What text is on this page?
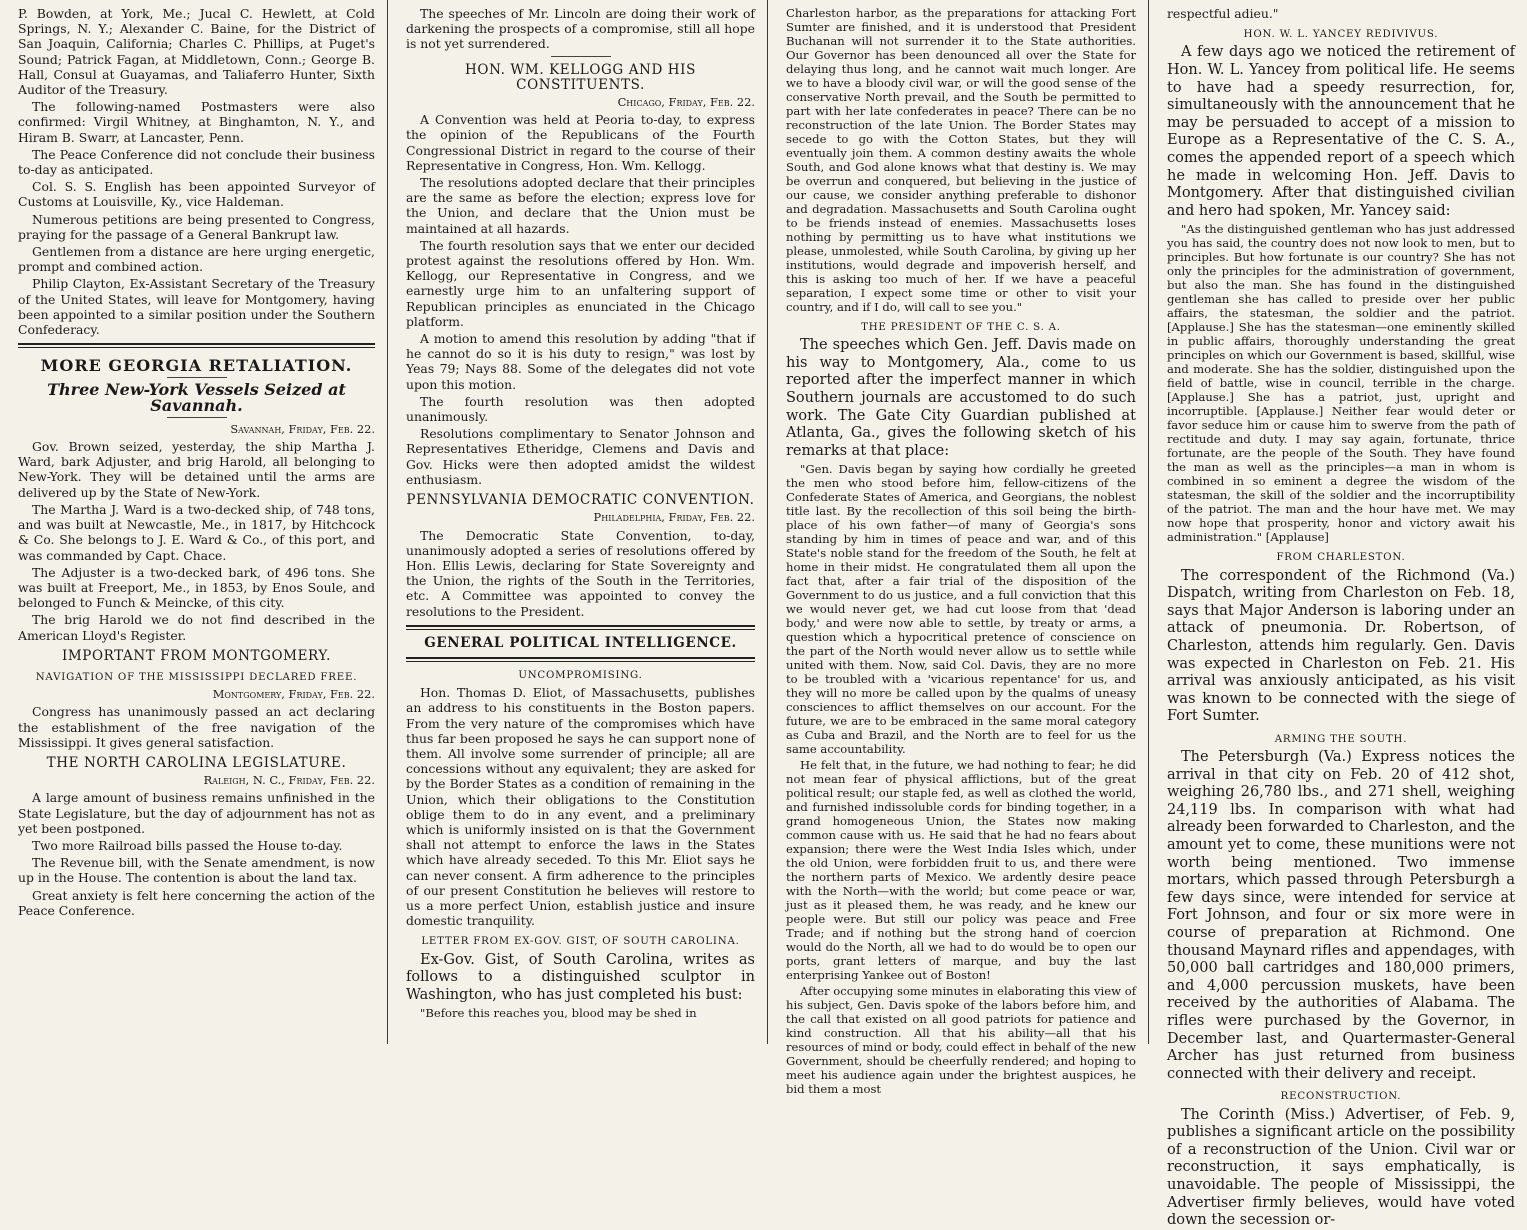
P. Bowden, at York, Me.; Jucal C. Hewlett, at Cold Springs, N. Y.; Alexander C. Baine, for the District of San Joaquin, California; Charles C. Phillips, at Puget's Sound; Patrick Fagan, at Middletown, Conn.; George B. Hall, Consul at Guayamas, and Taliaferro Hunter, Sixth Auditor of the Treasury.

The following-named Postmasters were also confirmed: Virgil Whitney, at Binghamton, N. Y., and Hiram B. Swarr, at Lancaster, Penn.

The Peace Conference did not conclude their business to-day as anticipated.

Col. S. S. English has been appointed Surveyor of Customs at Louisville, Ky., vice Haldeman.

Numerous petitions are being presented to Congress, praying for the passage of a General Bankrupt law.

Gentlemen from a distance are here urging energetic, prompt and combined action.

Philip Clayton, Ex-Assistant Secretary of the Treasury of the United States, will leave for Montgomery, having been appointed to a similar position under the Southern Confederacy.

MORE GEORGIA RETALIATION.
Three New-York Vessels Seized at Savannah.

Savannah, Friday, Feb. 22.

Gov. Brown seized, yesterday, the ship Martha J. Ward, bark Adjuster, and brig Harold, all belonging to New-York. They will be detained until the arms are delivered up by the State of New-York.

The Martha J. Ward is a two-decked ship, of 748 tons, and was built at Newcastle, Me., in 1817, by Hitchcock & Co. She belongs to J. E. Ward & Co., of this port, and was commanded by Capt. Chace.

The Adjuster is a two-decked bark, of 496 tons. She was built at Freeport, Me., in 1853, by Enos Soule, and belonged to Funch & Meincke, of this city.

The brig Harold we do not find described in the American Lloyd's Register.

IMPORTANT FROM MONTGOMERY.
NAVIGATION OF THE MISSISSIPPI DECLARED FREE.

Montgomery, Friday, Feb. 22.

Congress has unanimously passed an act declaring the establishment of the free navigation of the Mississippi. It gives general satisfaction.

THE NORTH CAROLINA LEGISLATURE.

Raleigh, N. C., Friday, Feb. 22.

A large amount of business remains unfinished in the State Legislature, but the day of adjournment has not as yet been postponed.

Two more Railroad bills passed the House to-day.

The Revenue bill, with the Senate amendment, is now up in the House. The contention is about the land tax.

Great anxiety is felt here concerning the action of the Peace Conference.

The speeches of Mr. Lincoln are doing their work of darkening the prospects of a compromise, still all hope is not yet surrendered.

HON. WM. KELLOGG AND HIS CONSTITUENTS.

Chicago, Friday, Feb. 22.

A Convention was held at Peoria to-day, to express the opinion of the Republicans of the Fourth Congressional District in regard to the course of their Representative in Congress, Hon. Wm. Kellogg.

The resolutions adopted declare that their principles are the same as before the election; express love for the Union, and declare that the Union must be maintained at all hazards.

The fourth resolution says that we enter our decided protest against the resolutions offered by Hon. Wm. Kellogg, our Representative in Congress, and we earnestly urge him to an unfaltering support of Republican principles as enunciated in the Chicago platform.

A motion to amend this resolution by adding "that if he cannot do so it is his duty to resign," was lost by Yeas 79; Nays 88. Some of the delegates did not vote upon this motion.

The fourth resolution was then adopted unanimously.

Resolutions complimentary to Senator Johnson and Representatives Etheridge, Clemens and Davis and Gov. Hicks were then adopted amidst the wildest enthusiasm.

PENNSYLVANIA DEMOCRATIC CONVENTION.

Philadelphia, Friday, Feb. 22.

The Democratic State Convention, to-day, unanimously adopted a series of resolutions offered by Hon. Ellis Lewis, declaring for State Sovereignty and the Union, the rights of the South in the Territories, etc. A Committee was appointed to convey the resolutions to the President.

GENERAL POLITICAL INTELLIGENCE.
UNCOMPROMISING.

Hon. Thomas D. Eliot, of Massachusetts, publishes an address to his constituents in the Boston papers. From the very nature of the compromises which have thus far been proposed he says he can support none of them. All involve some surrender of principle; all are concessions without any equivalent; they are asked for by the Border States as a condition of remaining in the Union, which their obligations to the Constitution oblige them to do in any event, and a preliminary which is uniformly insisted on is that the Government shall not attempt to enforce the laws in the States which have already seceded. To this Mr. Eliot says he can never consent. A firm adherence to the principles of our present Constitution he believes will restore to us a more perfect Union, establish justice and insure domestic tranquility.

LETTER FROM EX-GOV. GIST, OF SOUTH CAROLINA.

Ex-Gov. Gist, of South Carolina, writes as follows to a distinguished sculptor in Washington, who has just completed his bust:

"Before this reaches you, blood may be shed in

Charleston harbor, as the preparations for attacking Fort Sumter are finished, and it is understood that President Buchanan will not surrender it to the State authorities. Our Governor has been denounced all over the State for delaying thus long, and he cannot wait much longer. Are we to have a bloody civil war, or will the good sense of the conservative North prevail, and the South be permitted to part with her late confederates in peace? There can be no reconstruction of the late Union. The Border States may secede to go with the Cotton States, but they will eventually join them. A common destiny awaits the whole South, and God alone knows what that destiny is. We may be overrun and conquered, but believing in the justice of our cause, we consider anything preferable to dishonor and degradation. Massachusetts and South Carolina ought to be friends instead of enemies. Massachusetts loses nothing by permitting us to have what institutions we please, unmolested, while South Carolina, by giving up her institutions, would degrade and impoverish herself, and this is asking too much of her. If we have a peaceful separation, I expect some time or other to visit your country, and if I do, will call to see you."

THE PRESIDENT OF THE C. S. A.

The speeches which Gen. Jeff. Davis made on his way to Montgomery, Ala., come to us reported after the imperfect manner in which Southern journals are accustomed to do such work. The Gate City Guardian published at Atlanta, Ga., gives the following sketch of his remarks at that place:

"Gen. Davis began by saying how cordially he greeted the men who stood before him, fellow-citizens of the Confederate States of America, and Georgians, the noblest title last. By the recollection of this soil being the birth-place of his own father—of many of Georgia's sons standing by him in times of peace and war, and of this State's noble stand for the freedom of the South, he felt at home in their midst. He congratulated them all upon the fact that, after a fair trial of the disposition of the Government to do us justice, and a full conviction that this we would never get, we had cut loose from that 'dead body,' and were now able to settle, by treaty or arms, a question which a hypocritical pretence of conscience on the part of the North would never allow us to settle while united with them. Now, said Col. Davis, they are no more to be troubled with a 'vicarious repentance' for us, and they will no more be called upon by the qualms of uneasy consciences to afflict themselves on our account. For the future, we are to be embraced in the same moral category as Cuba and Brazil, and the North are to feel for us the same accountability.

He felt that, in the future, we had nothing to fear; he did not mean fear of physical afflictions, but of the great political result; our staple fed, as well as clothed the world, and furnished indissoluble cords for binding together, in a grand homogeneous Union, the States now making common cause with us. He said that he had no fears about expansion; there were the West India Isles which, under the old Union, were forbidden fruit to us, and there were the northern parts of Mexico. We ardently desire peace with the North—with the world; but come peace or war, just as it pleased them, he was ready, and he knew our people were. But still our policy was peace and Free Trade; and if nothing but the strong hand of coercion would do the North, all we had to do would be to open our ports, grant letters of marque, and buy the last enterprising Yankee out of Boston!

After occupying some minutes in elaborating this view of his subject, Gen. Davis spoke of the labors before him, and the call that existed on all good patriots for patience and kind construction. All that his ability—all that his resources of mind or body, could effect in behalf of the new Government, should be cheerfully rendered; and hoping to meet his audience again under the brightest auspices, he bid them a most

respectful adieu."

HON. W. L. YANCEY REDIVIVUS.

A few days ago we noticed the retirement of Hon. W. L. Yancey from political life. He seems to have had a speedy resurrection, for, simultaneously with the announcement that he may be persuaded to accept of a mission to Europe as a Representative of the C. S. A., comes the appended report of a speech which he made in welcoming Hon. Jeff. Davis to Montgomery. After that distinguished civilian and hero had spoken, Mr. Yancey said:

"As the distinguished gentleman who has just addressed you has said, the country does not now look to men, but to principles. But how fortunate is our country? She has not only the principles for the administration of government, but also the man. She has found in the distinguished gentleman she has called to preside over her public affairs, the statesman, the soldier and the patriot. [Applause.] She has the statesman—one eminently skilled in public affairs, thoroughly understanding the great principles on which our Government is based, skillful, wise and moderate. She has the soldier, distinguished upon the field of battle, wise in council, terrible in the charge. [Applause.] She has a patriot, just, upright and incorruptible. [Applause.] Neither fear would deter or favor seduce him or cause him to swerve from the path of rectitude and duty. I may say again, fortunate, thrice fortunate, are the people of the South. They have found the man as well as the principles—a man in whom is combined in so eminent a degree the wisdom of the statesman, the skill of the soldier and the incorruptibility of the patriot. The man and the hour have met. We may now hope that prosperity, honor and victory await his administration." [Applause]

FROM CHARLESTON.

The correspondent of the Richmond (Va.) Dispatch, writing from Charleston on Feb. 18, says that Major Anderson is laboring under an attack of pneumonia. Dr. Robertson, of Charleston, attends him regularly. Gen. Davis was expected in Charleston on Feb. 21. His arrival was anxiously anticipated, as his visit was known to be connected with the siege of Fort Sumter.

ARMING THE SOUTH.

The Petersburgh (Va.) Express notices the arrival in that city on Feb. 20 of 412 shot, weighing 26,780 lbs., and 271 shell, weighing 24,119 lbs. In comparison with what had already been forwarded to Charleston, and the amount yet to come, these munitions were not worth being mentioned. Two immense mortars, which passed through Petersburgh a few days since, were intended for service at Fort Johnson, and four or six more were in course of preparation at Richmond. One thousand Maynard rifles and appendages, with 50,000 ball cartridges and 180,000 primers, and 4,000 percussion muskets, have been received by the authorities of Alabama. The rifles were purchased by the Governor, in December last, and Quartermaster-General Archer has just returned from business connected with their delivery and receipt.

RECONSTRUCTION.

The Corinth (Miss.) Advertiser, of Feb. 9, publishes a significant article on the possibility of a reconstruction of the Union. Civil war or reconstruction, it says emphatically, is unavoidable. The people of Mississippi, the Advertiser firmly believes, would have voted down the secession or-
